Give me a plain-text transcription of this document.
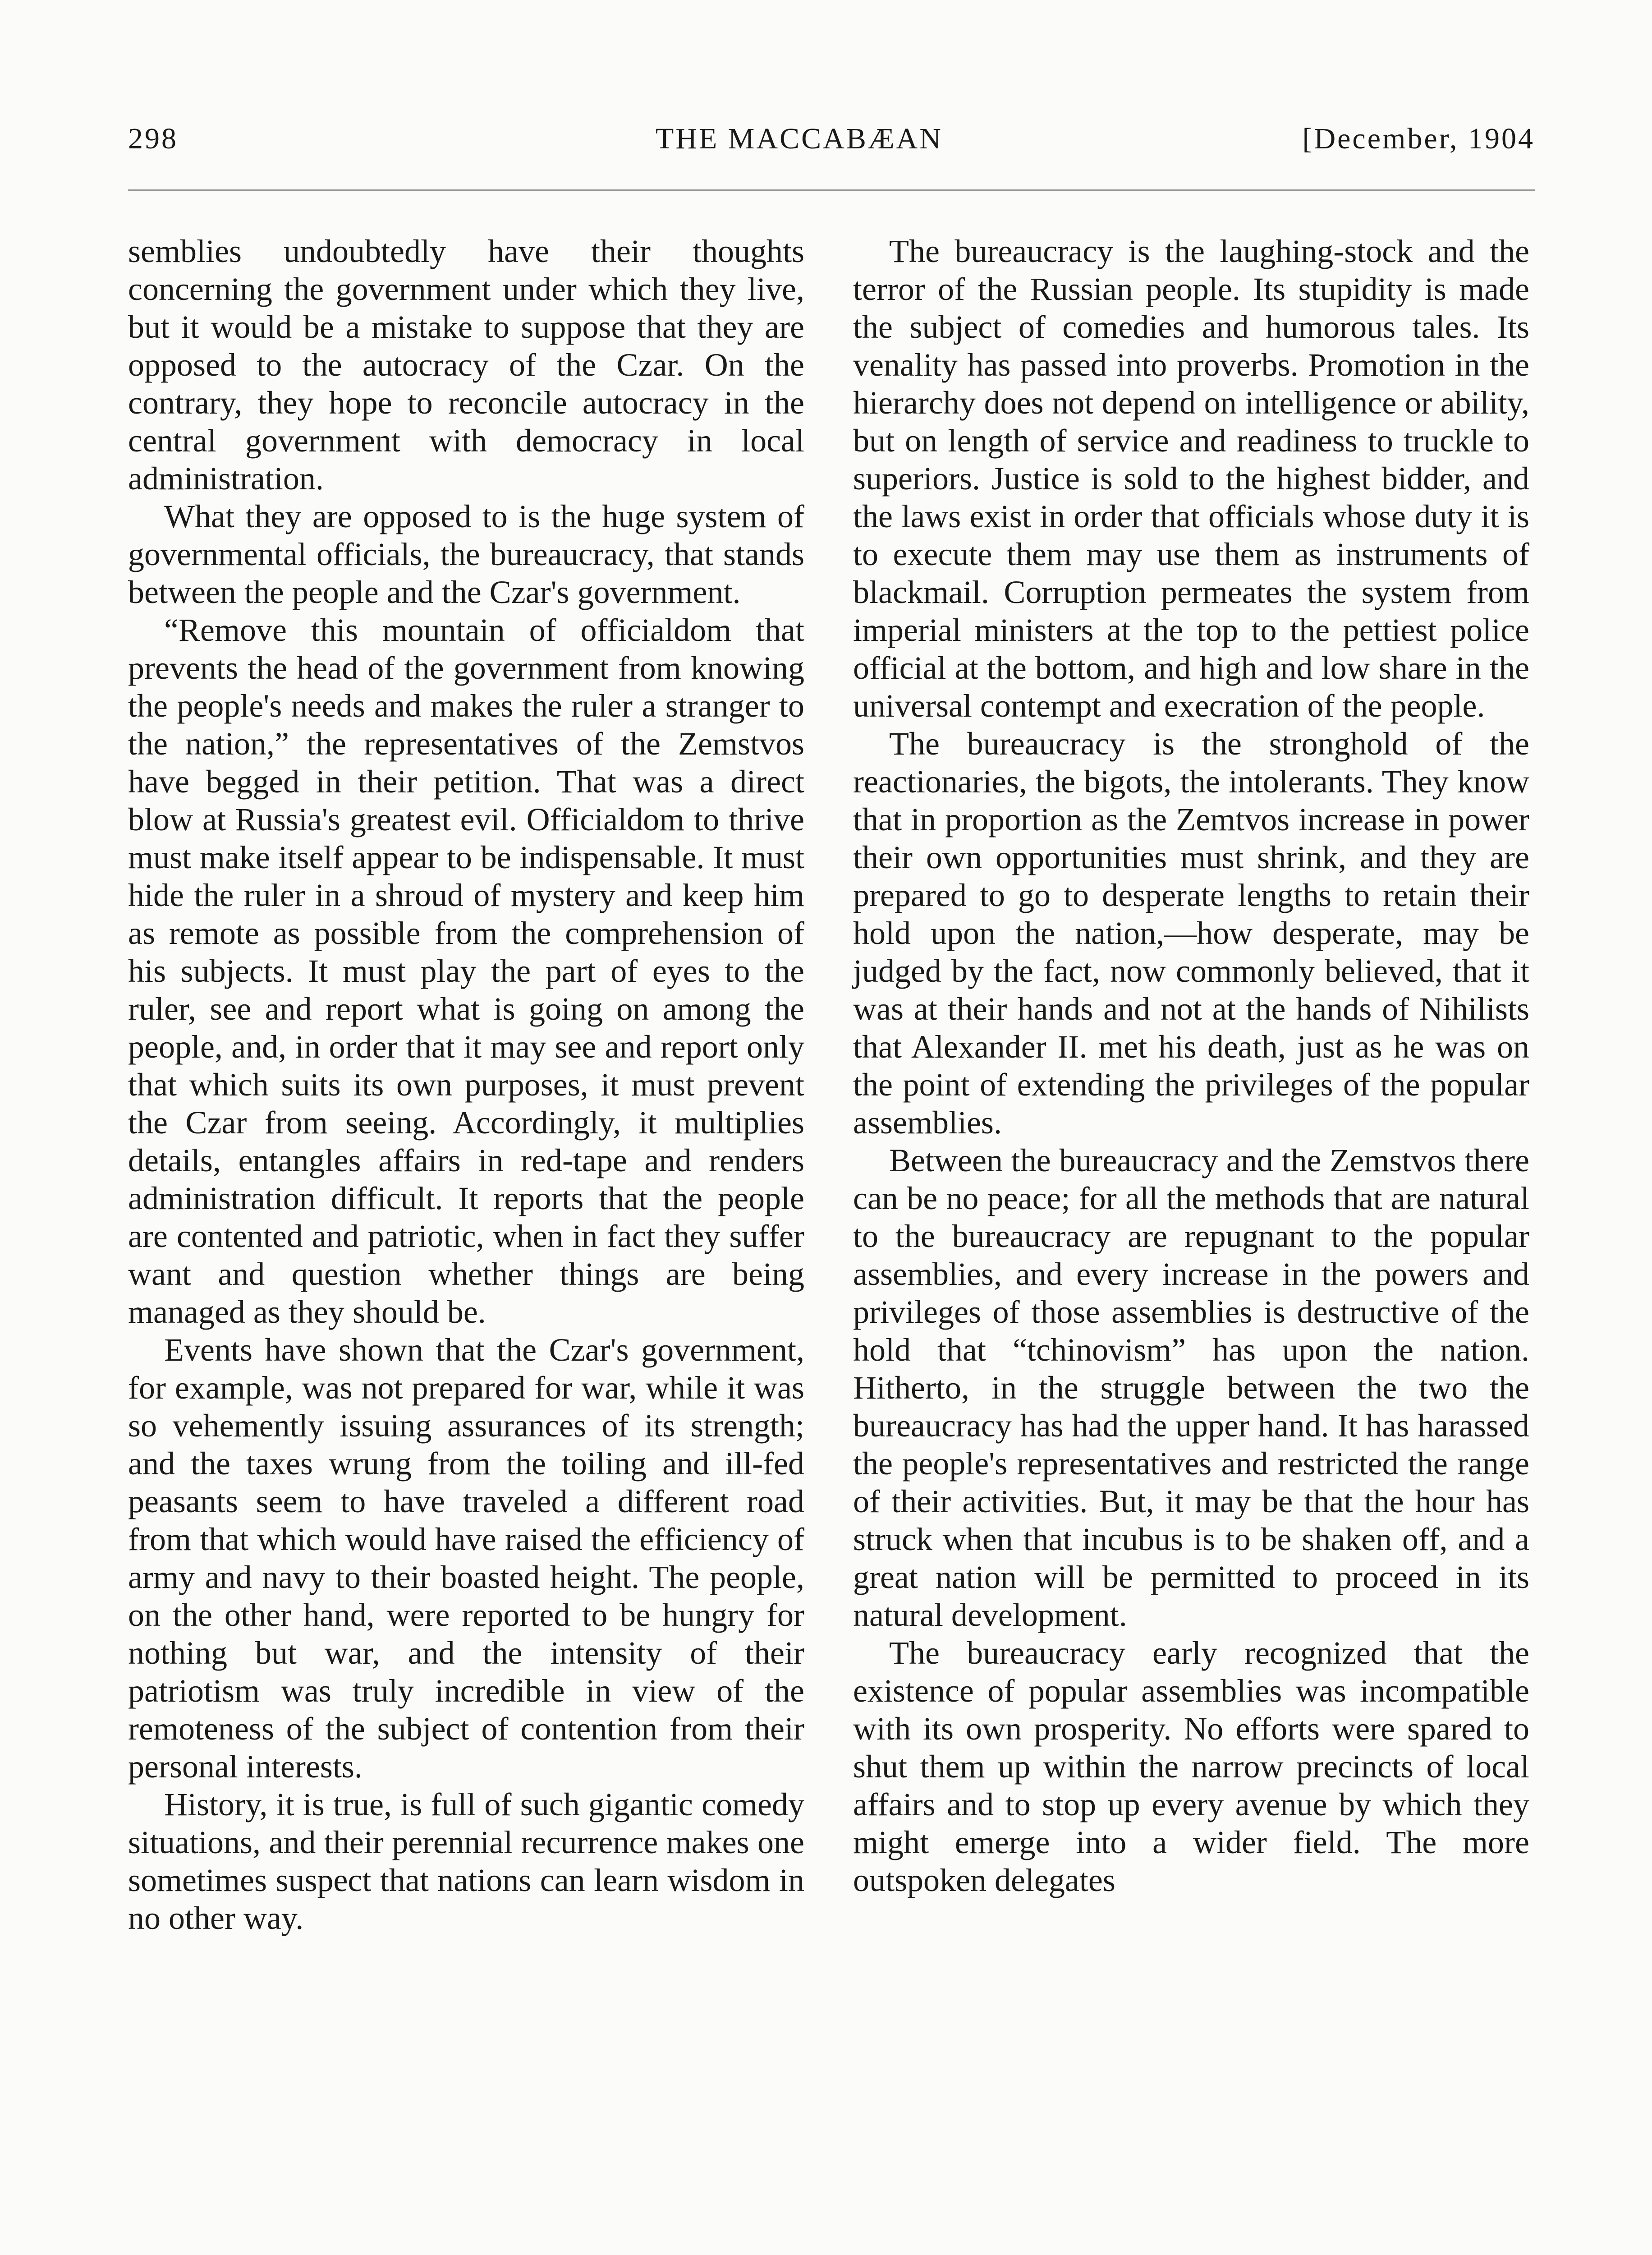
298	THE MACCABÆAN	[December, 1904

semblies undoubtedly have their thoughts concerning the government under which they live, but it would be a mistake to suppose that they are opposed to the autocracy of the Czar. On the contrary, they hope to reconcile autocracy in the central government with democracy in local administration.

What they are opposed to is the huge system of governmental officials, the bureaucracy, that stands between the people and the Czar's government.

“Remove this mountain of officialdom that prevents the head of the government from knowing the people's needs and makes the ruler a stranger to the nation,” the representatives of the Zemstvos have begged in their petition. That was a direct blow at Russia's greatest evil. Officialdom to thrive must make itself appear to be indispensable. It must hide the ruler in a shroud of mystery and keep him as remote as possible from the comprehension of his subjects. It must play the part of eyes to the ruler, see and report what is going on among the people, and, in order that it may see and report only that which suits its own purposes, it must prevent the Czar from seeing. Accordingly, it multiplies details, entangles affairs in red-tape and renders administration difficult. It reports that the people are contented and patriotic, when in fact they suffer want and question whether things are being managed as they should be.

Events have shown that the Czar's government, for example, was not prepared for war, while it was so vehemently issuing assurances of its strength; and the taxes wrung from the toiling and ill-fed peasants seem to have traveled a different road from that which would have raised the efficiency of army and navy to their boasted height. The people, on the other hand, were reported to be hungry for nothing but war, and the intensity of their patriotism was truly incredible in view of the remoteness of the subject of contention from their personal interests.

History, it is true, is full of such gigantic comedy situations, and their perennial recurrence makes one sometimes suspect that nations can learn wisdom in no other way.

The bureaucracy is the laughing-stock and the terror of the Russian people. Its stupidity is made the subject of comedies and humorous tales. Its venality has passed into proverbs. Promotion in the hierarchy does not depend on intelligence or ability, but on length of service and readiness to truckle to superiors. Justice is sold to the highest bidder, and the laws exist in order that officials whose duty it is to execute them may use them as instruments of blackmail. Corruption permeates the system from imperial ministers at the top to the pettiest police official at the bottom, and high and low share in the universal contempt and execration of the people.

The bureaucracy is the stronghold of the reactionaries, the bigots, the intolerants. They know that in proportion as the Zemtvos increase in power their own opportunities must shrink, and they are prepared to go to desperate lengths to retain their hold upon the nation,—how desperate, may be judged by the fact, now commonly believed, that it was at their hands and not at the hands of Nihilists that Alexander II. met his death, just as he was on the point of extending the privileges of the popular assemblies.

Between the bureaucracy and the Zemstvos there can be no peace; for all the methods that are natural to the bureaucracy are repugnant to the popular assemblies, and every increase in the powers and privileges of those assemblies is destructive of the hold that “tchinovism” has upon the nation. Hitherto, in the struggle between the two the bureaucracy has had the upper hand. It has harassed the people's representatives and restricted the range of their activities. But, it may be that the hour has struck when that incubus is to be shaken off, and a great nation will be permitted to proceed in its natural development.

The bureaucracy early recognized that the existence of popular assemblies was incompatible with its own prosperity. No efforts were spared to shut them up within the narrow precincts of local affairs and to stop up every avenue by which they might emerge into a wider field. The more outspoken delegates
